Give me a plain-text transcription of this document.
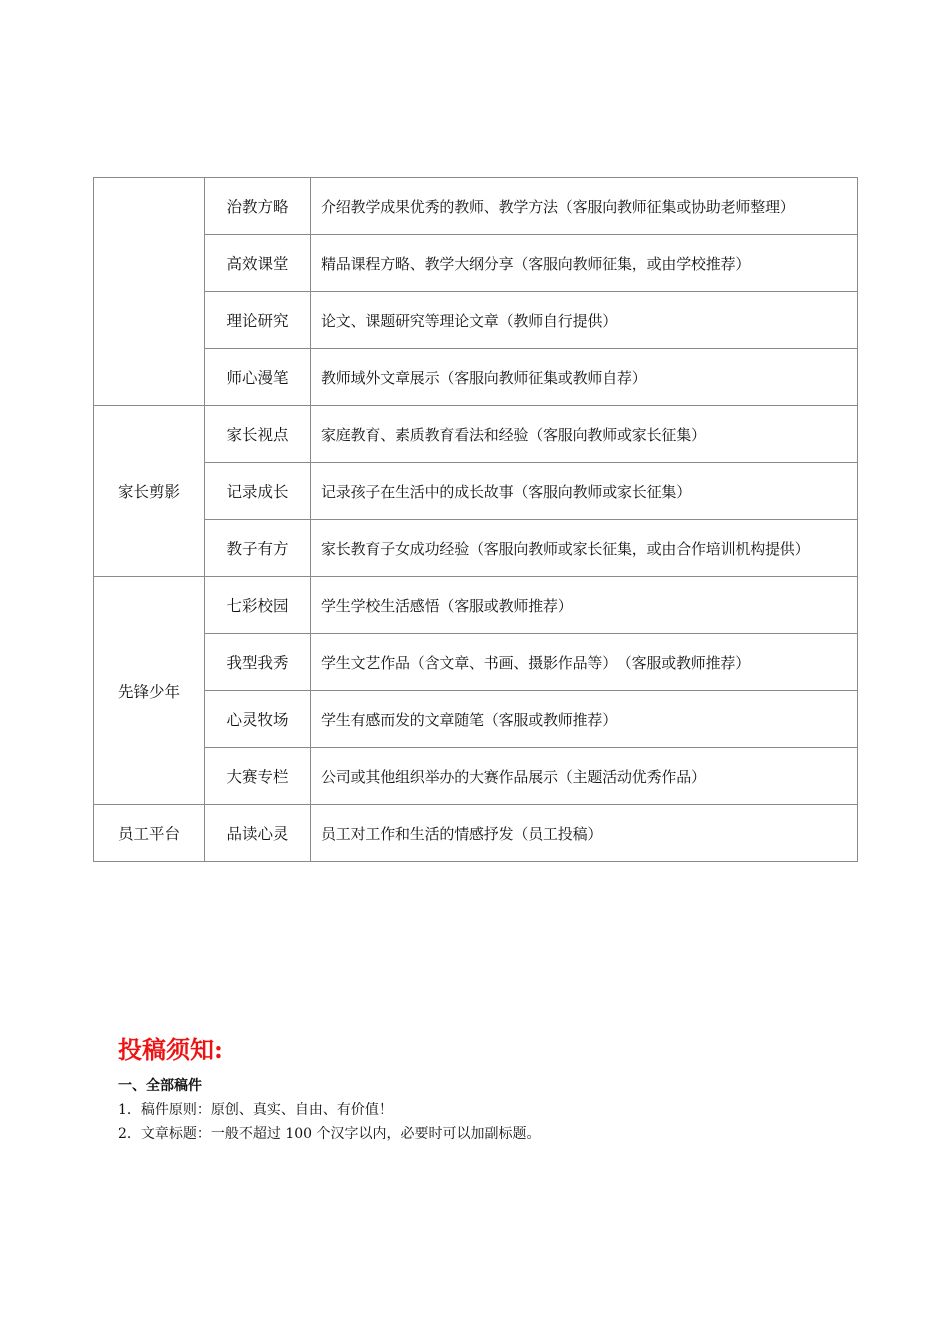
	治教方略	介绍教学成果优秀的教师、教学方法（客服向教师征集或协助老师整理）
	高效课堂	精品课程方略、教学大纲分享（客服向教师征集，或由学校推荐）
	理论研究	论文、课题研究等理论文章（教师自行提供）
	师心漫笔	教师域外文章展示（客服向教师征集或教师自荐）
家长剪影	家长视点	家庭教育、素质教育看法和经验（客服向教师或家长征集）
	记录成长	记录孩子在生活中的成长故事（客服向教师或家长征集）
	教子有方	家长教育子女成功经验（客服向教师或家长征集，或由合作培训机构提供）
先锋少年	七彩校园	学生学校生活感悟（客服或教师推荐）
	我型我秀	学生文艺作品（含文章、书画、摄影作品等）　（客服或教师推荐）
	心灵牧场	学生有感而发的文章随笔（客服或教师推荐）
	大赛专栏	公司或其他组织举办的大赛作品展示（主题活动优秀作品）
员工平台	品读心灵	员工对工作和生活的情感抒发（员工投稿）
投稿须知:
一、全部稿件
1．稿件原则：原创、真实、自由、有价值！
2．文章标题：一般不超过 100 个汉字以内，必要时可以加副标题。
